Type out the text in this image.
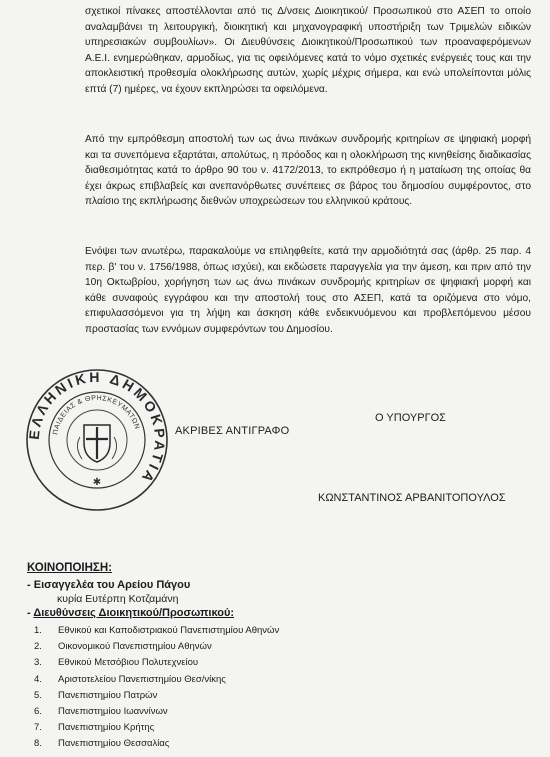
σχετικοί πίνακες αποστέλλονται από τις Δ/νσεις Διοικητικού/ Προσωπικού στο ΑΣΕΠ το οποίο αναλαμβάνει τη λειτουργική, διοικητική και μηχανογραφική υποστήριξη των Τριμελών ειδικών υπηρεσιακών συμβουλίων». Οι Διευθύνσεις Διοικητικού/Προσωπικού των προαναφερόμενων Α.Ε.Ι. ενημερώθηκαν, αρμοδίως, για τις οφειλόμενες κατά το νόμο σχετικές ενέργειές τους και την αποκλειστική προθεσμία ολοκλήρωσης αυτών, χωρίς μέχρις σήμερα, και ενώ υπολείπονται μόλις επτά (7) ημέρες, να έχουν εκπληρώσει τα οφειλόμενα.

Από την εμπρόθεσμη αποστολή των ως άνω πινάκων συνδρομής κριτηρίων σε ψηφιακή μορφή και τα συνεπόμενα εξαρτάται, απολύτως, η πρόοδος και η ολοκλήρωση της κινηθείσης διαδικασίας διαθεσιμότητας κατά το άρθρο 90 του ν. 4172/2013, το εκπρόθεσμο ή η ματαίωση της οποίας θα έχει άκρως επιβλαβείς και ανεπανόρθωτες συνέπειες σε βάρος του δημοσίου συμφέροντος, στο πλαίσιο της εκπλήρωσης διεθνών υποχρεώσεων του ελληνικού κράτους.

Ενόψει των ανωτέρω, παρακαλούμε να επιληφθείτε, κατά την αρμοδιότητά σας (άρθρ. 25 παρ. 4 περ. β' του ν. 1756/1988, όπως ισχύει), και εκδώσετε παραγγελία για την άμεση, και πριν από την 10η Οκτωβρίου, χορήγηση των ως άνω πινάκων συνδρομής κριτηρίων σε ψηφιακή μορφή και κάθε συναφούς εγγράφου και την αποστολή τους στο ΑΣΕΠ, κατά τα οριζόμενα στο νόμο, επιφυλασσόμενοι για τη λήψη και άσκηση κάθε ενδεικνυόμενου και προβλεπόμενου μέσου προστασίας των εννόμων συμφερόντων του Δημοσίου.

ΕΛΛΗΝΙΚΗ ΔΗΜΟΚΡΑΤΙΑ
ΠΑΙΔΕΙΑΣ & ΘΡΗΣΚΕΥΜΑΤΩΝ
✱
ΑΚΡΙΒΕΣ ΑΝΤΙΓΡΑΦΟ
Ο ΥΠΟΥΡΓΟΣ
ΚΩΝΣΤΑΝΤΙΝΟΣ ΑΡΒΑΝΙΤΟΠΟΥΛΟΣ
ΚΟΙΝΟΠΟΙΗΣΗ:
- Εισαγγελέα του Αρείου Πάγου
κυρία Ευτέρπη Κοτζαμάνη
- Διευθύνσεις Διοικητικού/Προσωπικού:
1.	Εθνικού και Καποδιστριακού Πανεπιστημίου Αθηνών
2.	Οικονομικού Πανεπιστημίου Αθηνών
3.	Εθνικού Μετσόβιου Πολυτεχνείου
4.	Αριστοτελείου Πανεπιστημίου Θεσ/νίκης
5.	Πανεπιστημίου Πατρών
6.	Πανεπιστημίου Ιωαννίνων
7.	Πανεπιστημίου Κρήτης
8.	Πανεπιστημίου Θεσσαλίας
